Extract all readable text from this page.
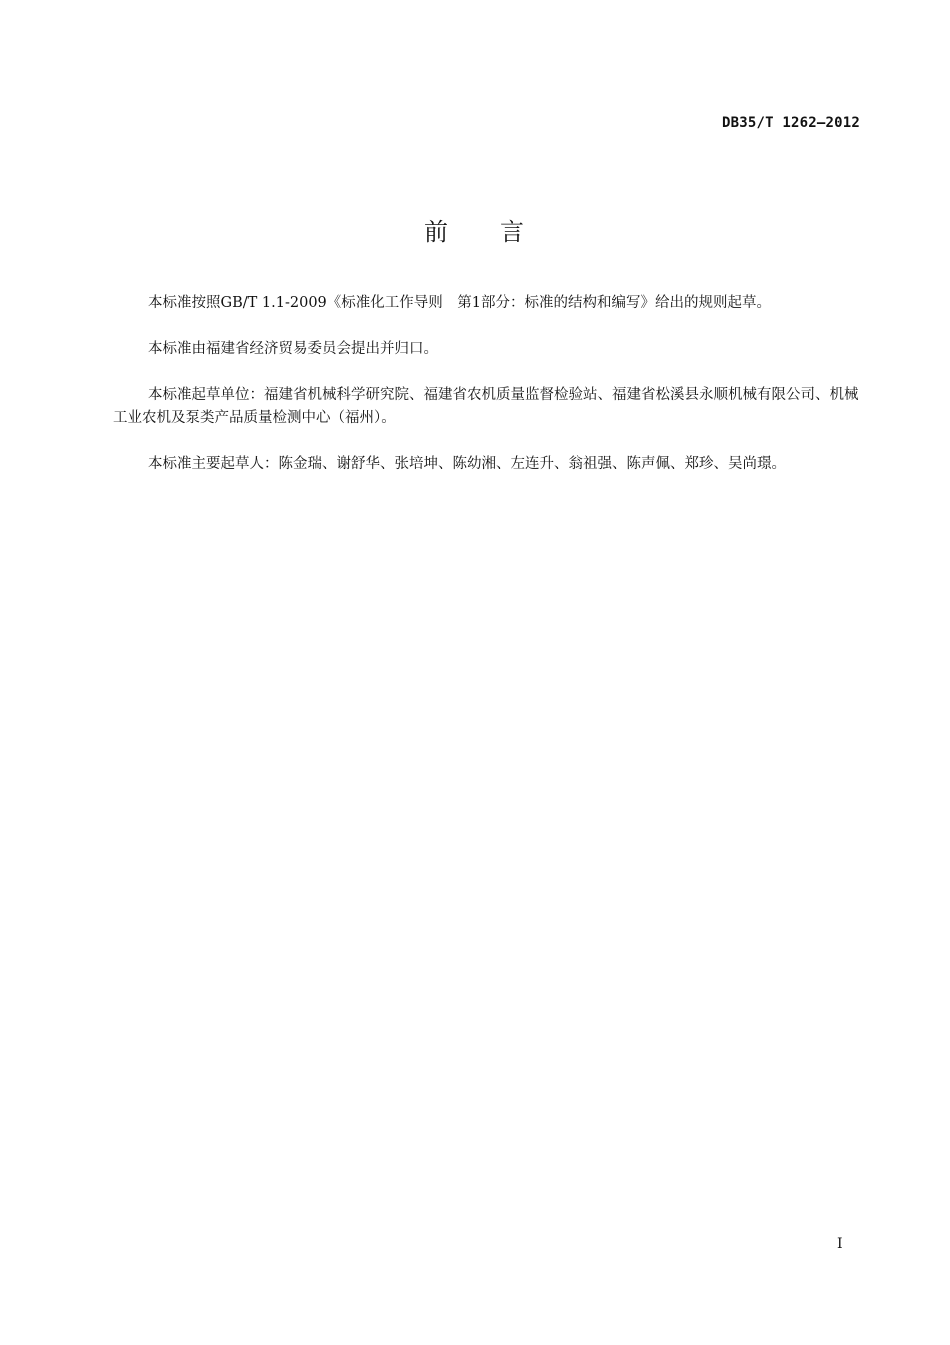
DB35/T 1262—2012
前 言

本标准按照GB/T 1.1-2009《标准化工作导则　第1部分：标准的结构和编写》给出的规则起草。

本标准由福建省经济贸易委员会提出并归口。

本标准起草单位：福建省机械科学研究院、福建省农机质量监督检验站、福建省松溪县永顺机械有限公司、机械工业农机及泵类产品质量检测中心（福州）。

本标准主要起草人：陈金瑞、谢舒华、张培坤、陈幼湘、左连升、翁祖强、陈声佩、郑珍、吴尚璟。

I
